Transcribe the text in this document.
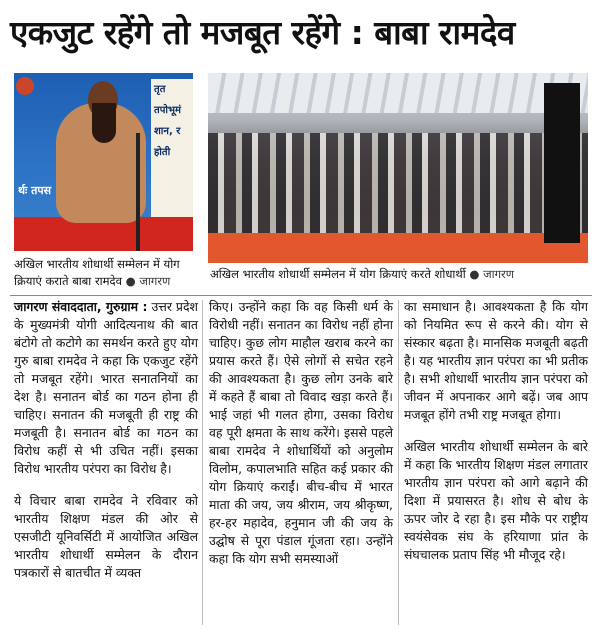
एकजुट रहेंगे तो मजबूत रहेंगे : बाबा रामदेव
तृत
तपोभूमं
शान, र
होती
र्थः तपस
अखिल भारतीय शोधार्थी सम्मेलन में योग क्रियाएं कराते बाबा रामदेव ● जागरण	अखिल भारतीय शोधार्थी सम्मेलन में योग क्रियाएं करते शोधार्थी ● जागरण

जागरण संवाददाता, गुरुग्राम : उत्तर प्रदेश के मुख्यमंत्री योगी आदित्यनाथ की बात बंटोगे तो कटोगे का समर्थन करते हुए योग गुरु बाबा रामदेव ने कहा कि एकजुट रहेंगे तो मजबूत रहेंगे। भारत सनातनियों का देश है। सनातन बोर्ड का गठन होना ही चाहिए। सनातन की मजबूती ही राष्ट्र की मजबूती है। सनातन बोर्ड का गठन का विरोध कहीं से भी उचित नहीं। इसका विरोध भारतीय परंपरा का विरोध है।

ये विचार बाबा रामदेव ने रविवार को भारतीय शिक्षण मंडल की ओर से एसजीटी यूनिवर्सिटी में आयोजित अखिल भारतीय शोधार्थी सम्मेलन के दौरान पत्रकारों से बातचीत में व्यक्त

किए। उन्होंने कहा कि वह किसी धर्म के विरोधी नहीं। सनातन का विरोध नहीं होना चाहिए। कुछ लोग माहौल खराब करने का प्रयास करते हैं। ऐसे लोगों से सचेत रहने की आवश्यकता है। कुछ लोग उनके बारे में कहते हैं बाबा तो विवाद खड़ा करते हैं। भाई जहां भी गलत होगा, उसका विरोध वह पूरी क्षमता के साथ करेंगे। इससे पहले बाबा रामदेव ने शोधार्थियों को अनुलोम विलोम, कपालभाति सहित कई प्रकार की योग क्रियाएं कराईं। बीच-बीच में भारत माता की जय, जय श्रीराम, जय श्रीकृष्ण, हर-हर महादेव, हनुमान जी की जय के उद्घोष से पूरा पंडाल गूंजता रहा। उन्होंने कहा कि योग सभी समस्याओं

का समाधान है। आवश्यकता है कि योग को नियमित रूप से करने की। योग से संस्कार बढ़ता है। मानसिक मजबूती बढ़ती है। यह भारतीय ज्ञान परंपरा का भी प्रतीक है। सभी शोधार्थी भारतीय ज्ञान परंपरा को जीवन में अपनाकर आगे बढ़ें। जब आप मजबूत होंगे तभी राष्ट्र मजबूत होगा।

अखिल भारतीय शोधार्थी सम्मेलन के बारे में कहा कि भारतीय शिक्षण मंडल लगातार भारतीय ज्ञान परंपरा को आगे बढ़ाने की दिशा में प्रयासरत है। शोध से बोध के ऊपर जोर दे रहा है। इस मौके पर राष्ट्रीय स्वयंसेवक संघ के हरियाणा प्रांत के संघचालक प्रताप सिंह भी मौजूद रहे।
